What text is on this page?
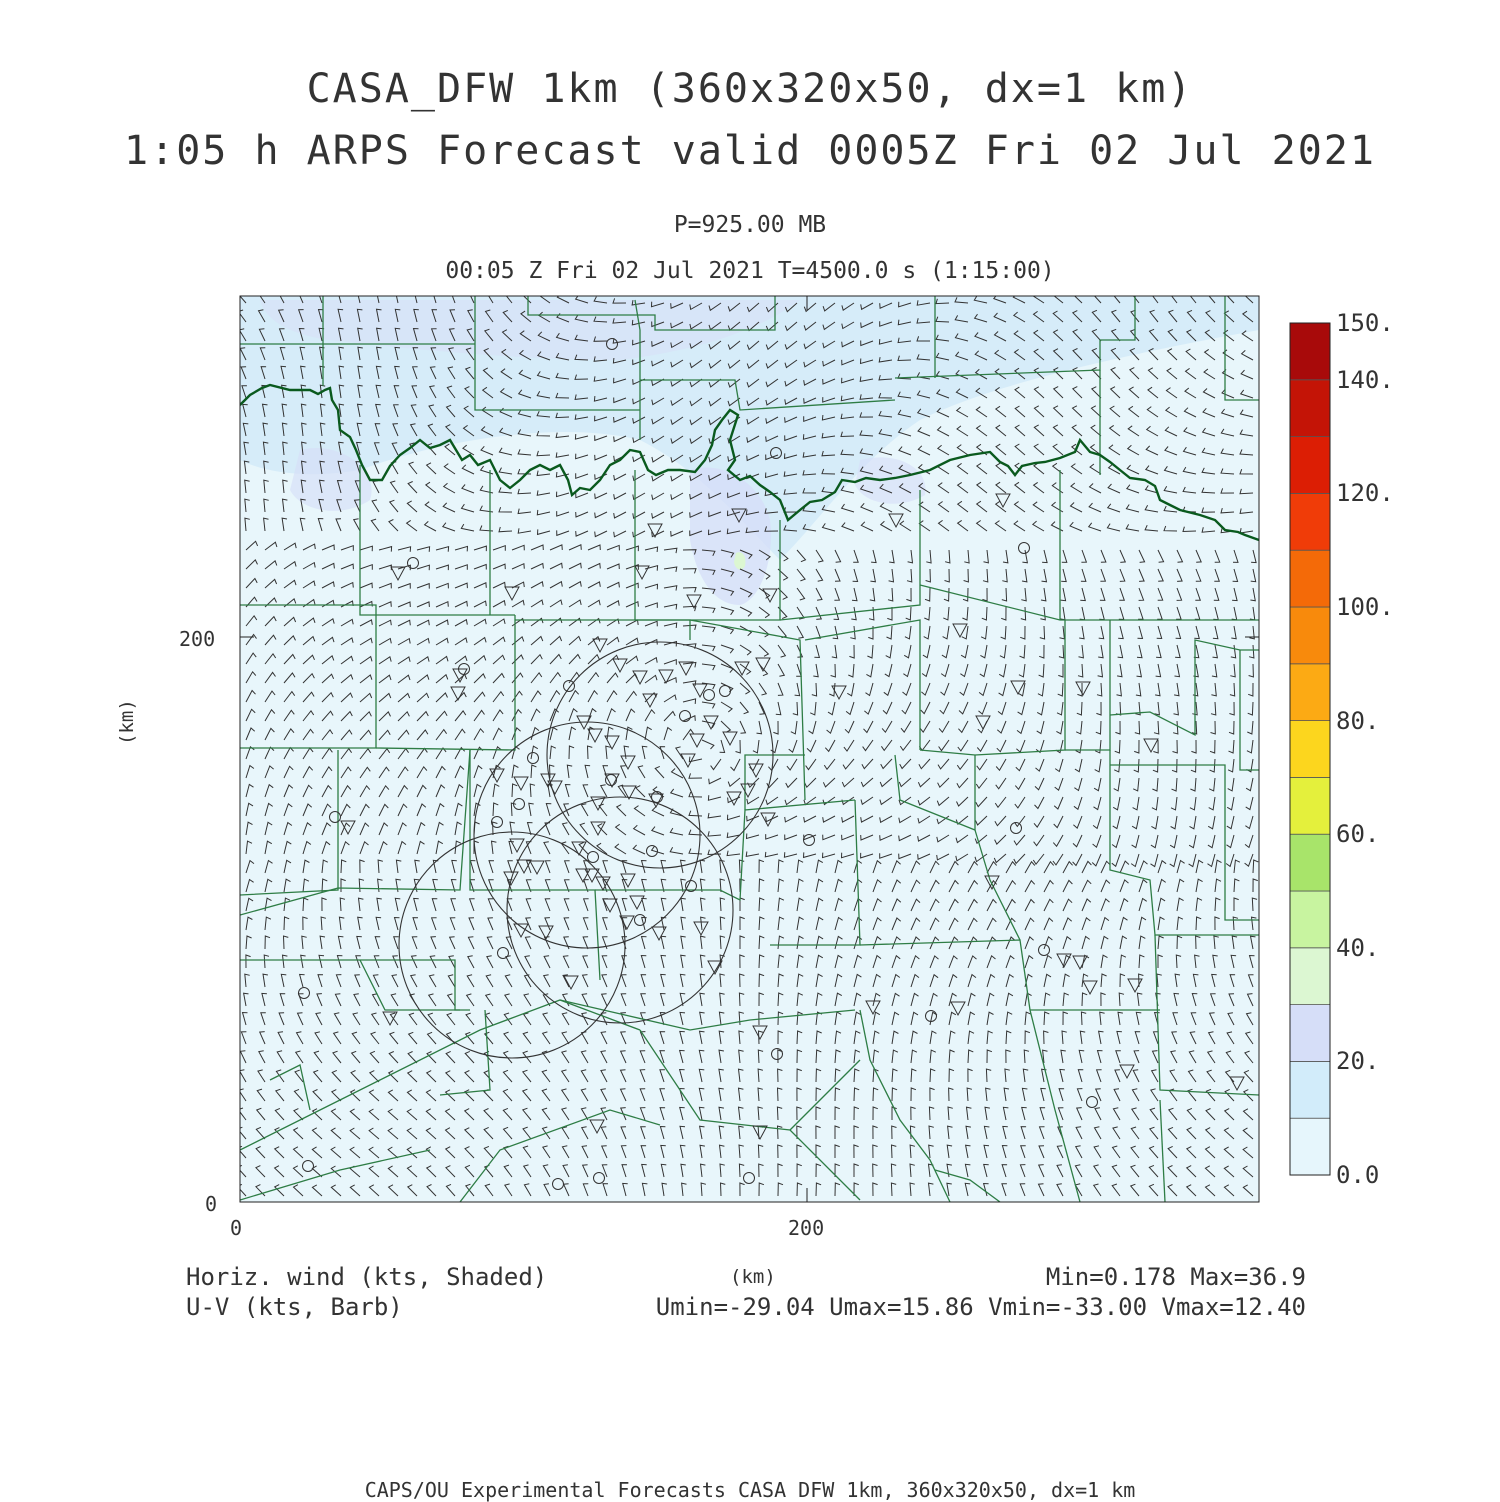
CASA_DFW 1km (360x320x50, dx=1 km)
1:05 h ARPS Forecast valid 0005Z Fri 02 Jul 2021
P=925.00 MB
00:05 Z Fri 02 Jul 2021 T=4500.0 s (1:15:00)
0
200
0	200
(km)
(km)
150.
140.
120.
100.
80.
60.
40.
20.
0.0
Horiz. wind (kts, Shaded)
U-V (kts, Barb)
Min=0.178 Max=36.9
Umin=-29.04 Umax=15.86 Vmin=-33.00 Vmax=12.40
CAPS/OU Experimental Forecasts CASA DFW 1km, 360x320x50, dx=1 km
